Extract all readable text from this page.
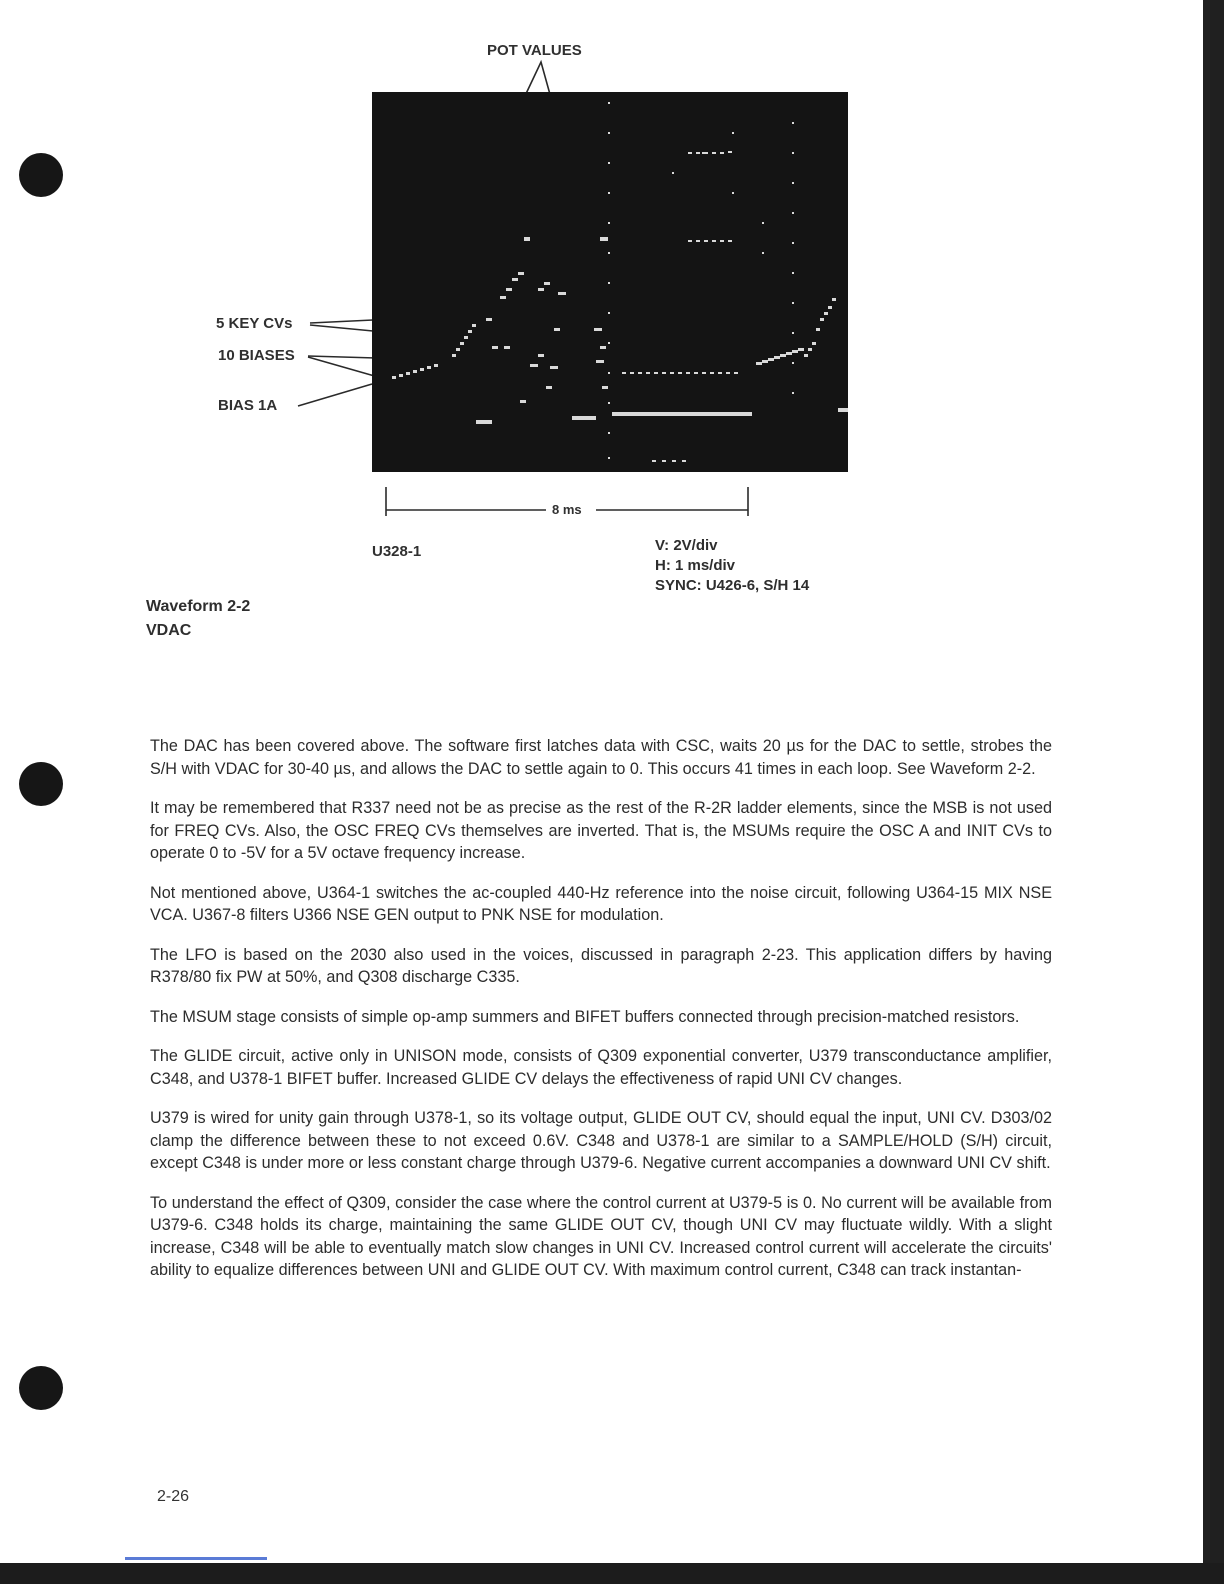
POT VALUES
5 KEY CVs
10 BIASES
BIAS 1A
8 ms
U328-1	V: 2V/div
H: 1 ms/div
SYNC: U426-6, S/H 14
Waveform 2-2
VDAC

The DAC has been covered above. The software first latches data with CSC, waits 20 µs for the DAC to settle, strobes the S/H with VDAC for 30-40 µs, and allows the DAC to settle again to 0. This occurs 41 times in each loop. See Waveform 2-2.

It may be remembered that R337 need not be as precise as the rest of the R-2R ladder elements, since the MSB is not used for FREQ CVs. Also, the OSC FREQ CVs themselves are inverted. That is, the MSUMs require the OSC A and INIT CVs to operate 0 to -5V for a 5V octave frequency increase.

Not mentioned above, U364-1 switches the ac-coupled 440-Hz reference into the noise circuit, following U364-15 MIX NSE VCA. U367-8 filters U366 NSE GEN output to PNK NSE for modulation.

The LFO is based on the 2030 also used in the voices, discussed in paragraph 2-23. This application differs by having R378/80 fix PW at 50%, and Q308 discharge C335.

The MSUM stage consists of simple op-amp summers and BIFET buffers connected through precision-matched resistors.

The GLIDE circuit, active only in UNISON mode, consists of Q309 exponential converter, U379 transconductance amplifier, C348, and U378-1 BIFET buffer. Increased GLIDE CV delays the effectiveness of rapid UNI CV changes.

U379 is wired for unity gain through U378-1, so its voltage output, GLIDE OUT CV, should equal the input, UNI CV. D303/02 clamp the difference between these to not exceed 0.6V. C348 and U378-1 are similar to a SAMPLE/HOLD (S/H) circuit, except C348 is under more or less constant charge through U379-6. Negative current accompanies a downward UNI CV shift.

To understand the effect of Q309, consider the case where the control current at U379-5 is 0. No current will be available from U379-6. C348 holds its charge, maintaining the same GLIDE OUT CV, though UNI CV may fluctuate wildly. With a slight increase, C348 will be able to eventually match slow changes in UNI CV. Increased control current will accelerate the circuits' ability to equalize differences between UNI and GLIDE OUT CV. With maximum control current, C348 can track instantan-

2-26
